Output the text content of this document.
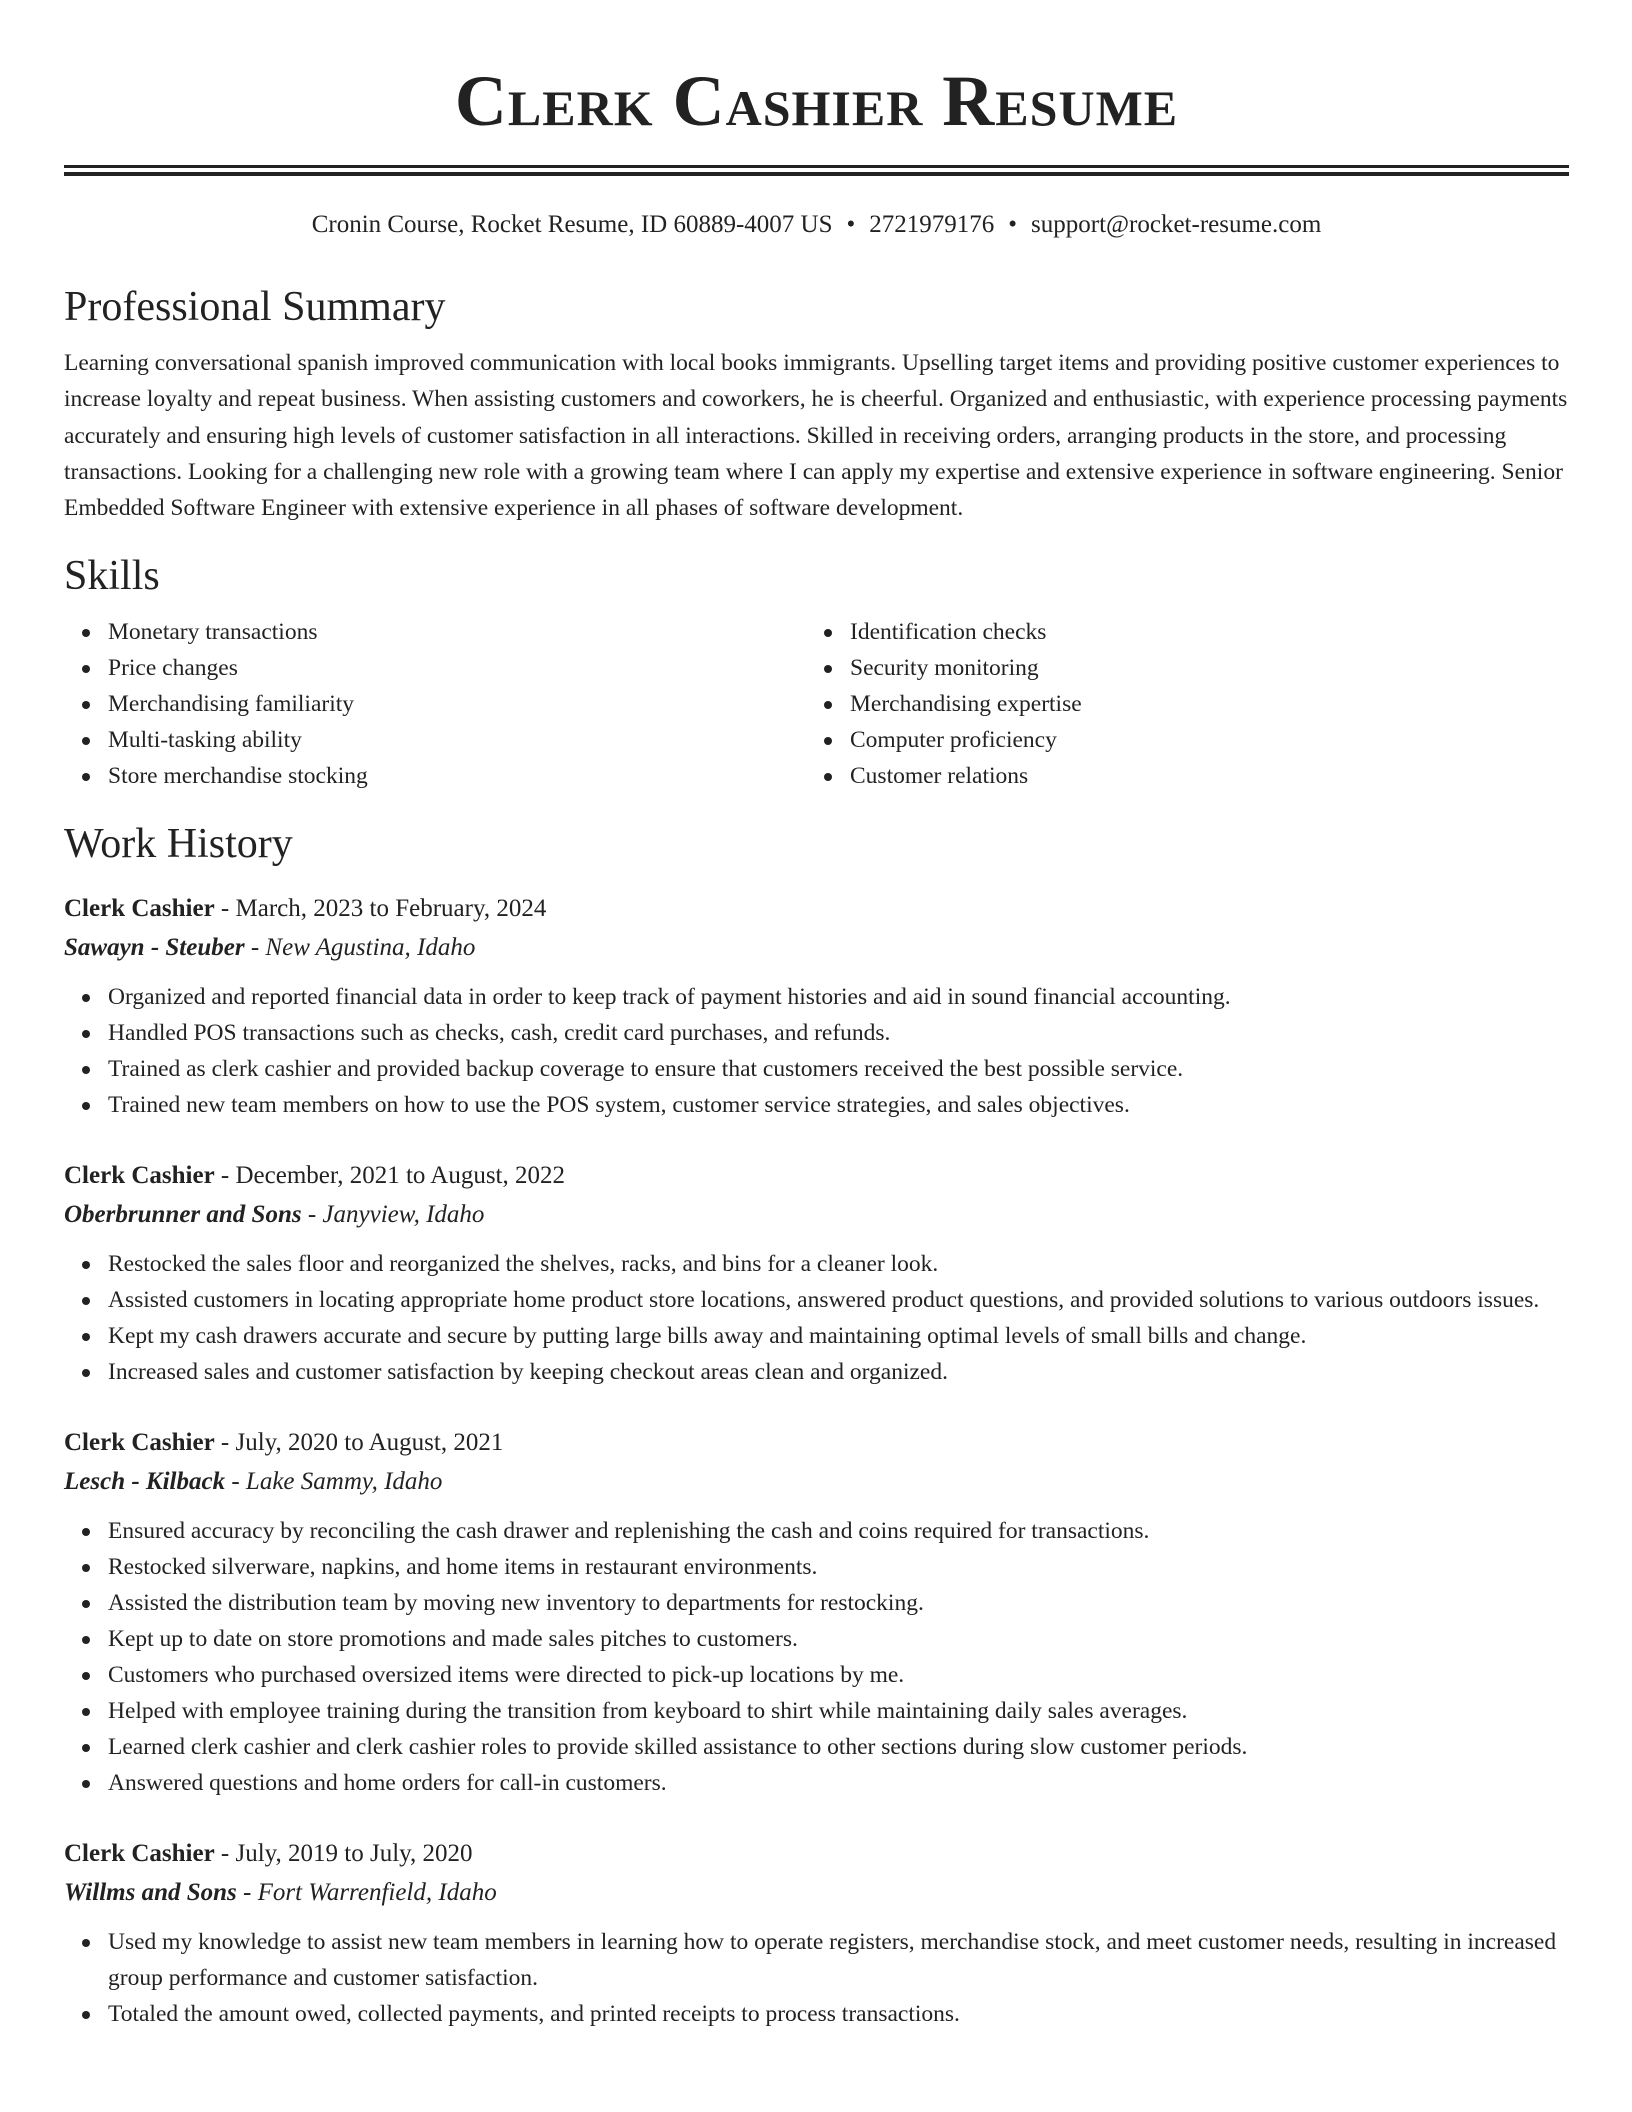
Clerk Cashier Resume
Cronin Course, Rocket Resume, ID 60889-4007 US • 2721979176 • support@rocket-resume.com
Professional Summary

Learning conversational spanish improved communication with local books immigrants. Upselling target items and providing positive customer experiences to increase loyalty and repeat business. When assisting customers and coworkers, he is cheerful. Organized and enthusiastic, with experience processing payments accurately and ensuring high levels of customer satisfaction in all interactions. Skilled in receiving orders, arranging products in the store, and processing transactions. Looking for a challenging new role with a growing team where I can apply my expertise and extensive experience in software engineering. Senior Embedded Software Engineer with extensive experience in all phases of software development.

Skills
Monetary transactions
Price changes
Merchandising familiarity
Multi-tasking ability
Store merchandise stocking
Identification checks
Security monitoring
Merchandising expertise
Computer proficiency
Customer relations
Work History
Clerk Cashier - March, 2023 to February, 2024
Sawayn - Steuber - New Agustina, Idaho
Organized and reported financial data in order to keep track of payment histories and aid in sound financial accounting.
Handled POS transactions such as checks, cash, credit card purchases, and refunds.
Trained as clerk cashier and provided backup coverage to ensure that customers received the best possible service.
Trained new team members on how to use the POS system, customer service strategies, and sales objectives.
Clerk Cashier - December, 2021 to August, 2022
Oberbrunner and Sons - Janyview, Idaho
Restocked the sales floor and reorganized the shelves, racks, and bins for a cleaner look.
Assisted customers in locating appropriate home product store locations, answered product questions, and provided solutions to various outdoors issues.
Kept my cash drawers accurate and secure by putting large bills away and maintaining optimal levels of small bills and change.
Increased sales and customer satisfaction by keeping checkout areas clean and organized.
Clerk Cashier - July, 2020 to August, 2021
Lesch - Kilback - Lake Sammy, Idaho
Ensured accuracy by reconciling the cash drawer and replenishing the cash and coins required for transactions.
Restocked silverware, napkins, and home items in restaurant environments.
Assisted the distribution team by moving new inventory to departments for restocking.
Kept up to date on store promotions and made sales pitches to customers.
Customers who purchased oversized items were directed to pick-up locations by me.
Helped with employee training during the transition from keyboard to shirt while maintaining daily sales averages.
Learned clerk cashier and clerk cashier roles to provide skilled assistance to other sections during slow customer periods.
Answered questions and home orders for call-in customers.
Clerk Cashier - July, 2019 to July, 2020
Willms and Sons - Fort Warrenfield, Idaho
Used my knowledge to assist new team members in learning how to operate registers, merchandise stock, and meet customer needs, resulting in increased group performance and customer satisfaction.
Totaled the amount owed, collected payments, and printed receipts to process transactions.
